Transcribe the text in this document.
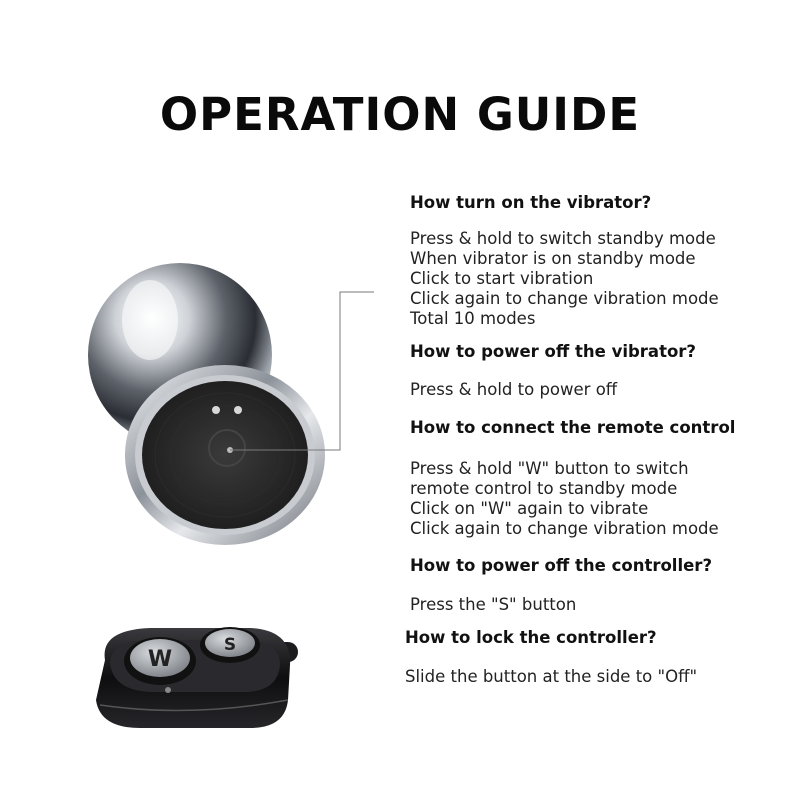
OPERATION GUIDE
W
S

How turn on the vibrator?

Press & hold to switch standby mode
When vibrator is on standby mode
Click to start vibration
Click again to change vibration mode
Total 10 modes

How to power off the vibrator?

Press & hold to power off

How to connect the remote control

Press & hold "W" button to switch
remote control to standby mode
Click on "W" again to vibrate
Click again to change vibration mode

How to power off the controller?

Press the "S" button

How to lock the controller?

Slide the button at the side to "Off"
